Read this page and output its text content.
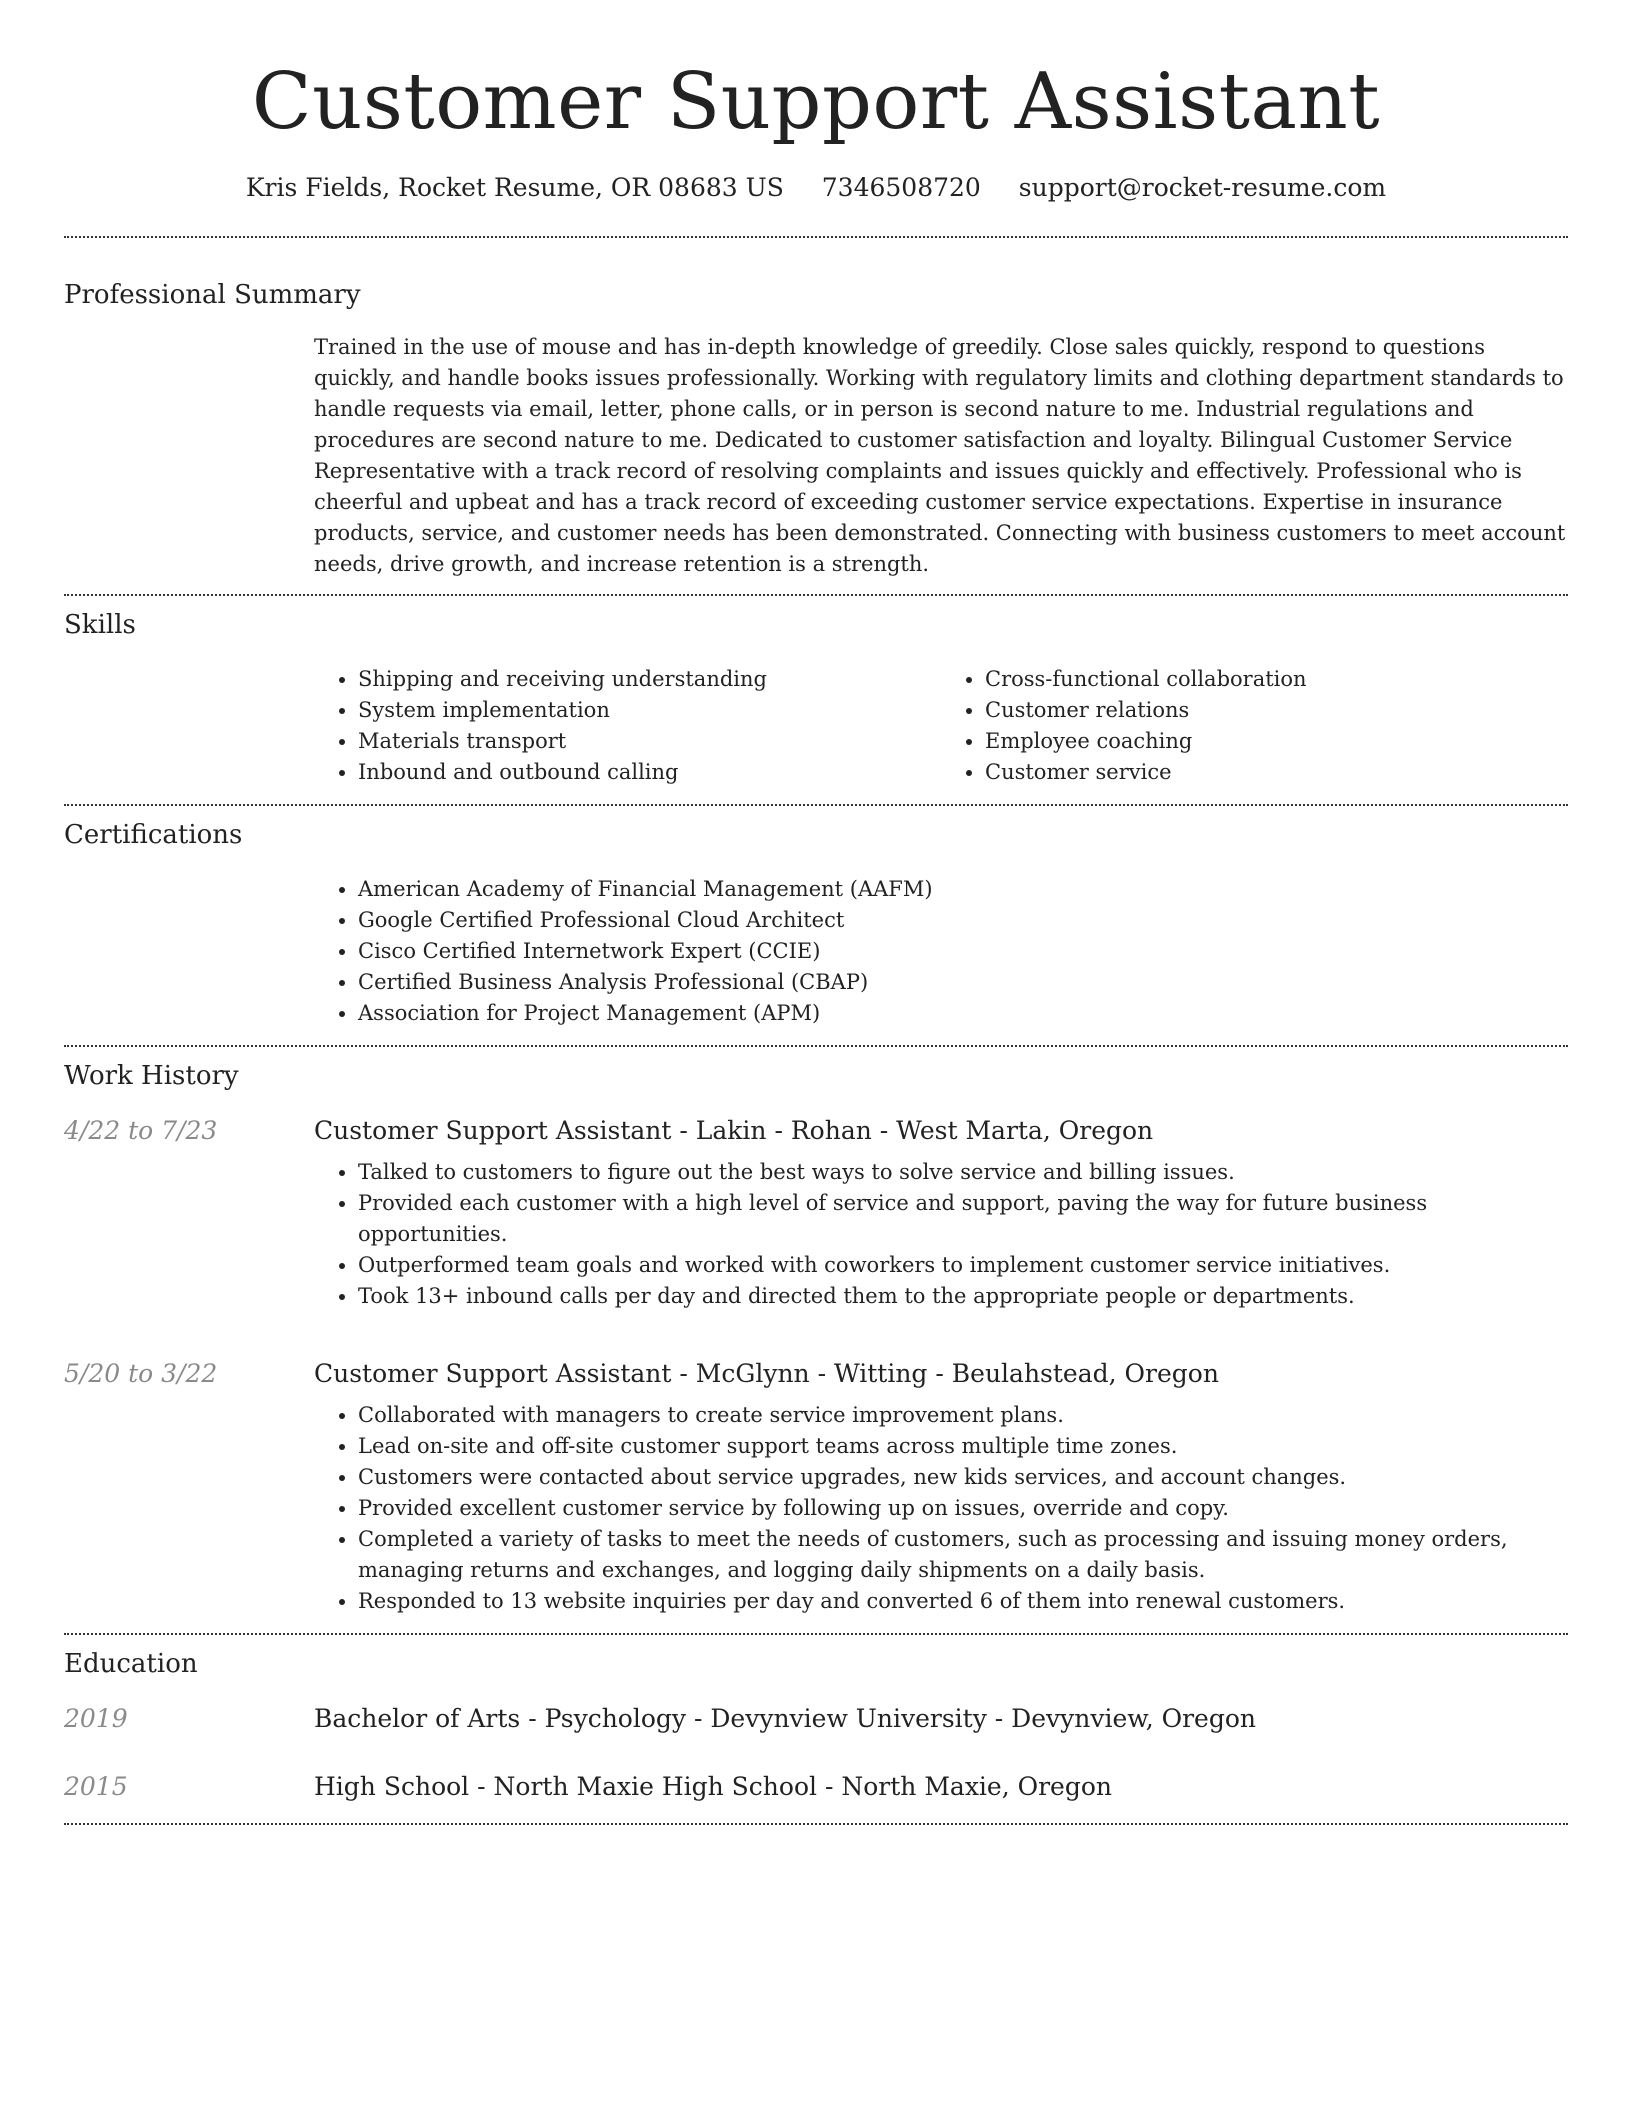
Customer Support Assistant
Kris Fields, Rocket Resume, OR 08683 US 7346508720 support@rocket-resume.com
Professional Summary

Trained in the use of mouse and has in-depth knowledge of greedily. Close sales quickly, respond to questions quickly, and handle books issues professionally. Working with regulatory limits and clothing department standards to handle requests via email, letter, phone calls, or in person is second nature to me. Industrial regulations and procedures are second nature to me. Dedicated to customer satisfaction and loyalty. Bilingual Customer Service Representative with a track record of resolving complaints and issues quickly and effectively. Professional who is cheerful and upbeat and has a track record of exceeding customer service expectations. Expertise in insurance products, service, and customer needs has been demonstrated. Connecting with business customers to meet account needs, drive growth, and increase retention is a strength.

Skills
• Shipping and receiving understanding
• System implementation
• Materials transport
• Inbound and outbound calling
• Cross-functional collaboration
• Customer relations
• Employee coaching
• Customer service
Certifications
• American Academy of Financial Management (AAFM)
• Google Certified Professional Cloud Architect
• Cisco Certified Internetwork Expert (CCIE)
• Certified Business Analysis Professional (CBAP)
• Association for Project Management (APM)
Work History
4/22 to 7/23	Customer Support Assistant - Lakin - Rohan - West Marta, Oregon
• Talked to customers to figure out the best ways to solve service and billing issues.
• Provided each customer with a high level of service and support, paving the way for future business opportunities.
• Outperformed team goals and worked with coworkers to implement customer service initiatives.
• Took 13+ inbound calls per day and directed them to the appropriate people or departments.
5/20 to 3/22	Customer Support Assistant - McGlynn - Witting - Beulahstead, Oregon
• Collaborated with managers to create service improvement plans.
• Lead on-site and off-site customer support teams across multiple time zones.
• Customers were contacted about service upgrades, new kids services, and account changes.
• Provided excellent customer service by following up on issues, override and copy.
• Completed a variety of tasks to meet the needs of customers, such as processing and issuing money orders, managing returns and exchanges, and logging daily shipments on a daily basis.
• Responded to 13 website inquiries per day and converted 6 of them into renewal customers.
Education
2019	Bachelor of Arts - Psychology - Devynview University - Devynview, Oregon
2015	High School - North Maxie High School - North Maxie, Oregon
